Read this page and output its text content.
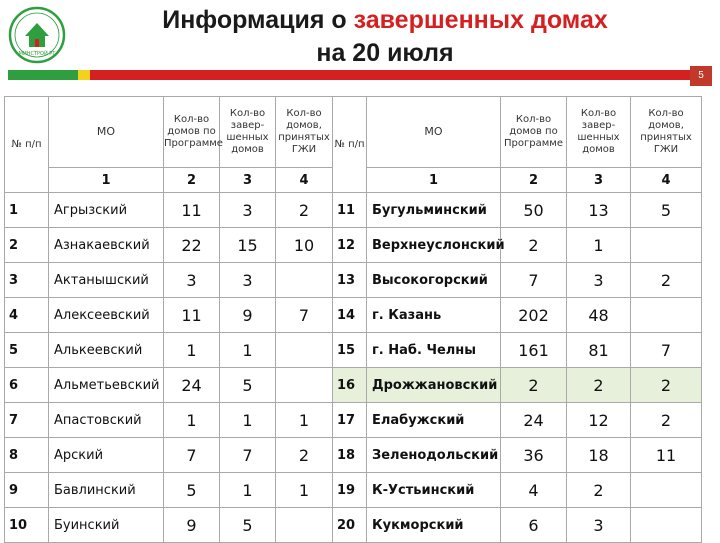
МИНСТРОЙ РТ
Информация о завершенных домах
на 20 июля
5
№ п/п	МО	Кол-во домов по Программе	Кол-во завер-шенных домов	Кол-во домов, принятых ГЖИ	№ п/п	МО	Кол-во домов по Программе	Кол-во завер-шенных домов	Кол-во домов, принятых ГЖИ
	1	2	3	4		1	2	3	4
1	Агрызский	11	3	2	11	Бугульминский	50	13	5
2	Азнакаевский	22	15	10	12	Верхнеуслонский	2	1	
3	Актанышский	3	3		13	Высокогорский	7	3	2
4	Алексеевский	11	9	7	14	г. Казань	202	48	
5	Алькеевский	1	1		15	г. Наб. Челны	161	81	7
6	Альметьевский	24	5		16	Дрожжановский	2	2	2
7	Апастовский	1	1	1	17	Елабужский	24	12	2
8	Арский	7	7	2	18	Зеленодольский	36	18	11
9	Бавлинский	5	1	1	19	К-Устьинский	4	2	
10	Буинский	9	5		20	Кукморский	6	3	
